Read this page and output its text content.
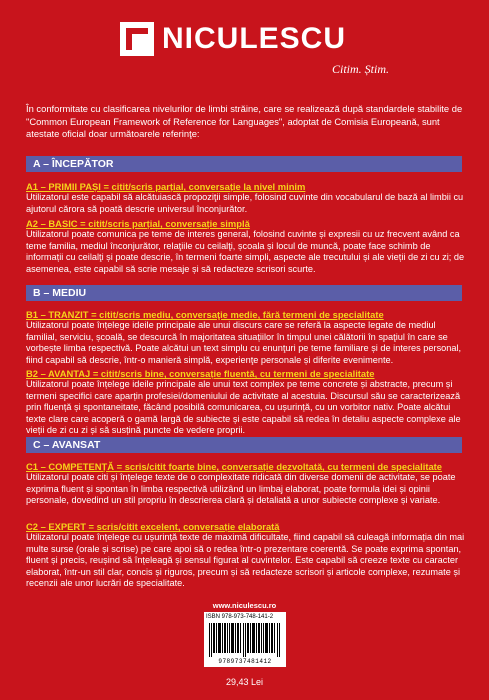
NICULESCU
Citim. Știm.

În conformitate cu clasificarea nivelurilor de limbi străine, care se realizează după standardele stabilite de "Common European Framework of Reference for Languages", adoptat de Comisia Europeană, sunt atestate oficial doar următoarele referinţe:

A – ÎNCEPĂTOR
A1 – PRIMII PAȘI = citit/scris parțial, conversație la nivel minim
Utilizatorul este capabil să alcătuiască propoziţii simple, folosind cuvinte din vocabularul de bază al limbii cu ajutorul cărora să poată descrie universul înconjurător.
A2 – BASIC = citit/scris parțial, conversație simplă
Utilizatorul poate comunica pe teme de interes general, folosind cuvinte și expresii cu uz frecvent având ca teme familia, mediul înconjurător, relaţiile cu ceilalţi, școala și locul de muncă, poate face schimb de informații cu ceilalţi și poate descrie, în termeni foarte simpli, aspecte ale trecutului și ale vieții de zi cu zi; de asemenea, este capabil să scrie mesaje și să redacteze scrisori scurte.
B – MEDIU
B1 – TRANZIT = citit/scris mediu, conversaţie medie, fără termeni de specialitate
Utilizatorul poate înțelege ideile principale ale unui discurs care se referă la aspecte legate de mediul familial, serviciu, școală, se descurcă în majoritatea situațiilor în timpul unei călătorii în spaţiul în care se vorbește limba respectivă. Poate alcătui un text simplu cu enunţuri pe teme familiare și de interes personal, fiind capabil să descrie, într-o manieră simplă, experienţe personale și diferite evenimente.
B2 – AVANTAJ = citit/scris bine, conversație fluentă, cu termeni de specialitate
Utilizatorul poate înțelege ideile principale ale unui text complex pe teme concrete și abstracte, precum și termeni specifici care aparțin profesiei/domeniului de activitate al acestuia. Discursul său se caracterizează prin fluență și spontaneitate, făcând posibilă comunicarea, cu ușurință, cu un vorbitor nativ. Poate alcătui texte clare care acoperă o gamă largă de subiecte și este capabil să redea în detaliu aspecte complexe ale vieții de zi cu zi și să susțină puncte de vedere proprii.
C – AVANSAT
C1 – COMPETENȚĂ = scris/citit foarte bine, conversație dezvoltată, cu termeni de specialitate
Utilizatorul poate citi și înțelege texte de o complexitate ridicată din diverse domenii de activitate, se poate exprima fluent și spontan în limba respectivă utilizând un limbaj elaborat, poate formula idei și opinii personale, dovedind un stil propriu în descrierea clară și detaliată a unor subiecte complexe și variate.
C2 – EXPERT = scris/citit excelent, conversație elaborată
Utilizatorul poate înțelege cu ușurință texte de maximă dificultate, fiind capabil să culeagă informația din mai multe surse (orale și scrise) pe care apoi să o redea într-o prezentare coerentă. Se poate exprima spontan, fluent și precis, reușind să înțeleagă și sensul figurat al cuvintelor. Este capabil să creeze texte cu caracter elaborat, într-un stil clar, concis și riguros, precum și să redacteze scrisori și articole complexe, rezumate și recenzii ale unor lucrări de specialitate.
www.niculescu.ro
ISBN 978-973-748-141-2
9789737481412
29,43 Lei
